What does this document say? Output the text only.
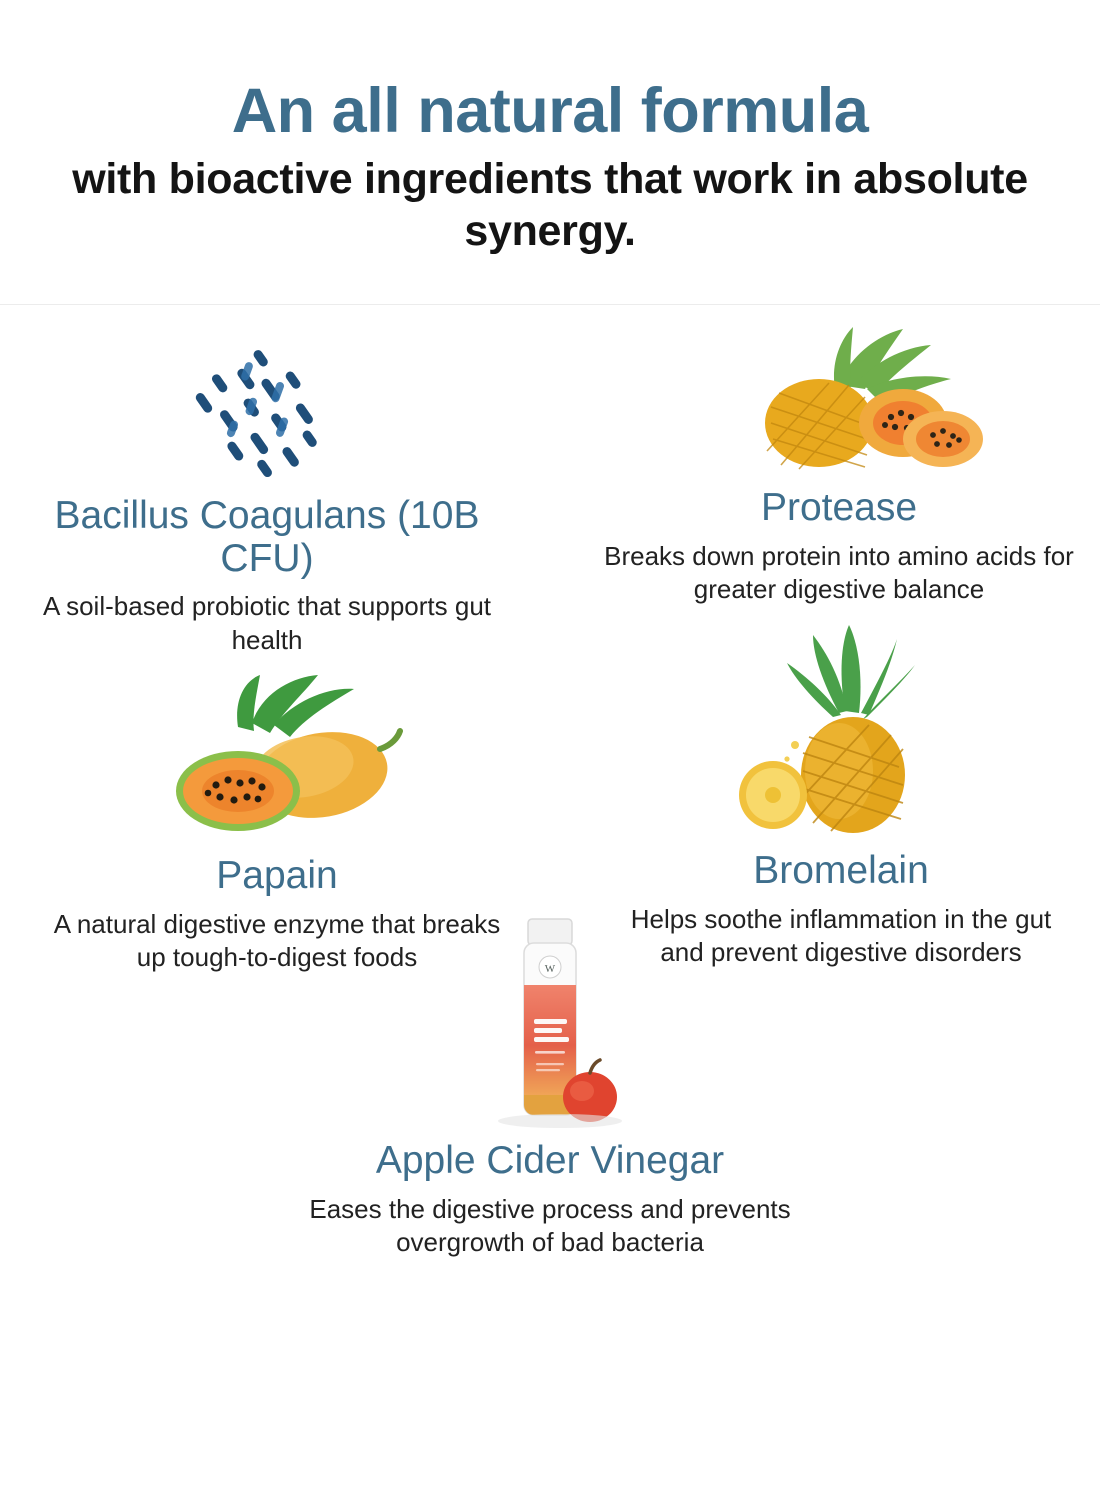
An all natural formula
with bioactive ingredients that work in absolute synergy.
Bacillus Coagulans (10B CFU)
A soil-based probiotic that supports gut health
Protease
Breaks down protein into amino acids for greater digestive balance
Papain
A natural digestive enzyme that breaks up tough-to-digest foods
Bromelain
Helps soothe inflammation in the gut and prevent digestive disorders
W
Apple Cider Vinegar
Eases the digestive process and prevents overgrowth of bad bacteria
